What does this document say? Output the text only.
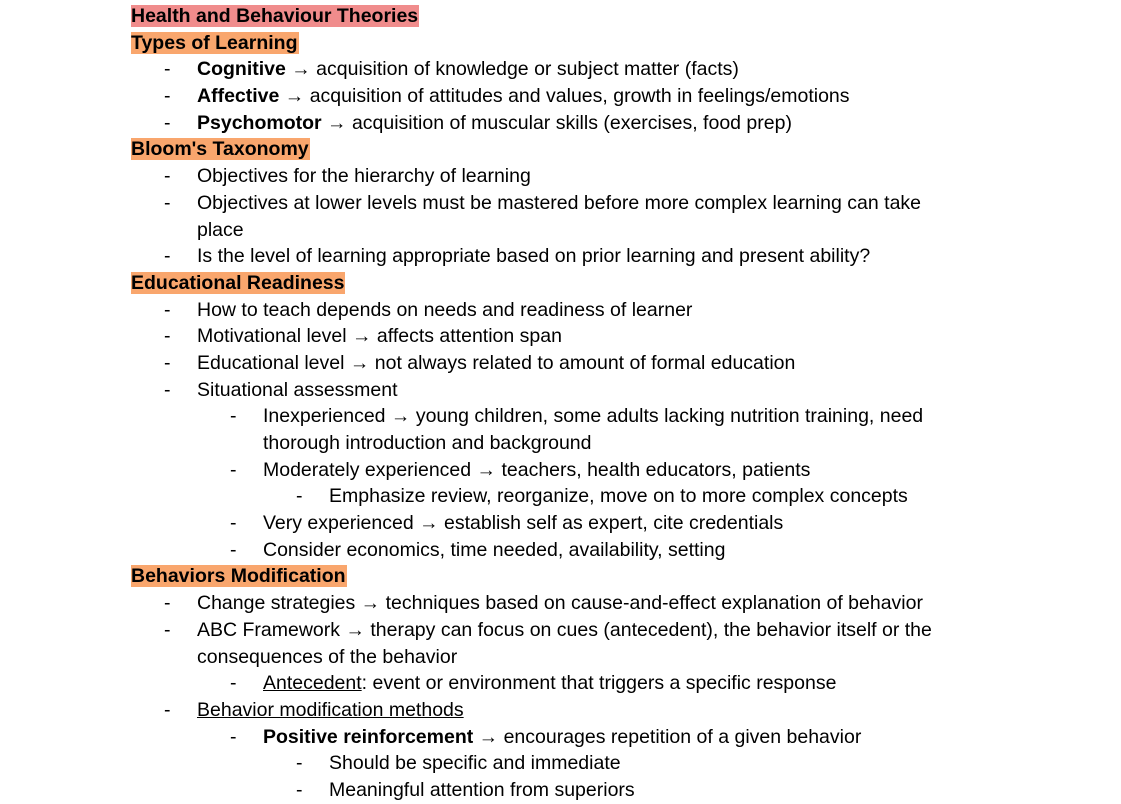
Health and Behaviour Theories
Types of Learning
- Cognitive → acquisition of knowledge or subject matter (facts)
- Affective → acquisition of attitudes and values, growth in feelings/emotions
- Psychomotor → acquisition of muscular skills (exercises, food prep)
Bloom's Taxonomy
- Objectives for the hierarchy of learning
- Objectives at lower levels must be mastered before more complex learning can take
place
- Is the level of learning appropriate based on prior learning and present ability?
Educational Readiness
- How to teach depends on needs and readiness of learner
- Motivational level → affects attention span
- Educational level → not always related to amount of formal education
- Situational assessment
- Inexperienced → young children, some adults lacking nutrition training, need
thorough introduction and background
- Moderately experienced → teachers, health educators, patients
- Emphasize review, reorganize, move on to more complex concepts
- Very experienced → establish self as expert, cite credentials
- Consider economics, time needed, availability, setting
Behaviors Modification
- Change strategies → techniques based on cause-and-effect explanation of behavior
- ABC Framework → therapy can focus on cues (antecedent), the behavior itself or the
consequences of the behavior
- Antecedent: event or environment that triggers a specific response
- Behavior modification methods
- Positive reinforcement → encourages repetition of a given behavior
- Should be specific and immediate
- Meaningful attention from superiors
